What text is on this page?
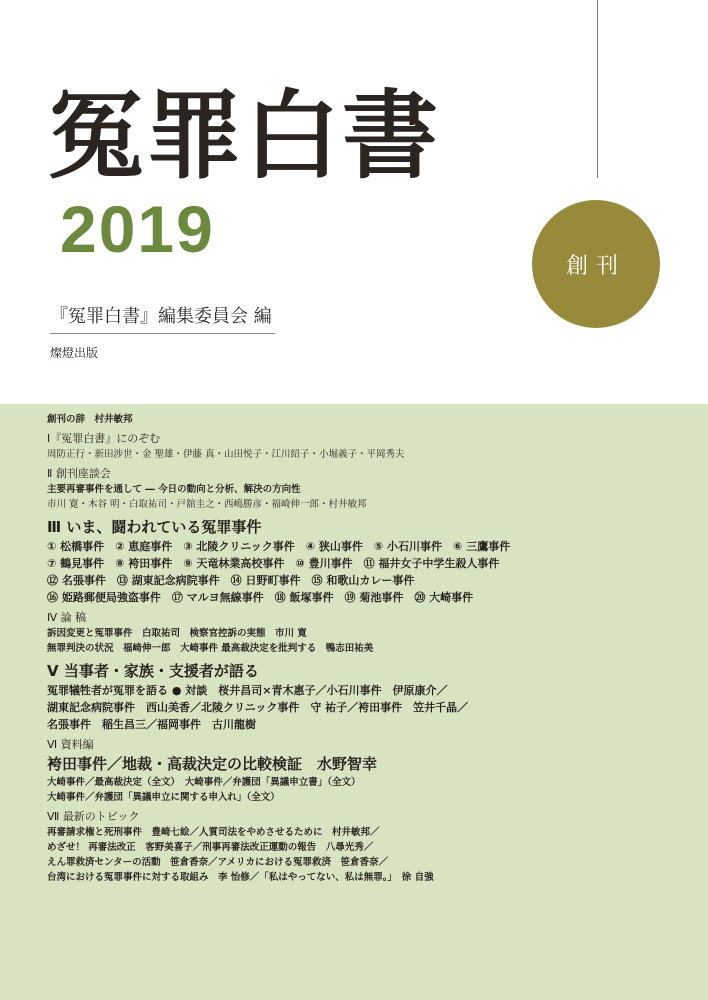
冤罪白書
2019	創刊
『冤罪白書』編集委員会 編
燦燈出版
創刊の辞　村井敏邦
Ⅰ『冤罪白書』にのぞむ
周防正行・新田涉世・金 聖雄・伊藤 真・山田悦子・江川紹子・小堀義子・平岡秀夫
Ⅱ 創刊座談会
主要再審事件を通して ― 今日の動向と分析、解決の方向性
市川 寛・木谷 明・白取祐司・戸舘圭之・西嶋勝彦・福崎伸一郎・村井敏邦
Ⅲ いま、闘われている冤罪事件
① 松橋事件　② 恵庭事件　③ 北陵クリニック事件　④ 狭山事件　⑤ 小石川事件　⑥ 三鷹事件
⑦ 鶴見事件　⑧ 袴田事件　⑨ 天竜林業高校事件　⑩ 豊川事件　⑪ 福井女子中学生殺人事件
⑫ 名張事件　⑬ 湖東記念病院事件　⑭ 日野町事件　⑮ 和歌山カレー事件
⑯ 姫路郵便局強盗事件　⑰ マルヨ無線事件　⑱ 飯塚事件　⑲ 菊池事件　⑳ 大崎事件
Ⅳ 論 稿
訴因変更と冤罪事件　白取祐司　検察官控訴の実態　市川 寛
無罪判決の状況　福崎伸一郎　大崎事件 最高裁決定を批判する　鴨志田祐美
Ⅴ 当事者・家族・支援者が語る
冤罪犠牲者が冤罪を語る ● 対談　桜井昌司×青木惠子／小石川事件　伊原康介／
湖東記念病院事件　西山美香／北陵クリニック事件　守 祐子／袴田事件　笠井千晶／
名張事件　稲生昌三／福岡事件　古川龍樹
Ⅵ 資料編
袴田事件／地裁・高裁決定の比較検証　水野智幸
大崎事件／最高裁決定（全文）　大崎事件／弁護団「異議申立書」（全文）
大崎事件／弁護団「異議申立に関する申入れ」（全文）
Ⅶ 最新のトピック
再審請求権と死刑事件　豊崎七絵／人質司法をやめさせるために　村井敏邦／
めざせ！ 再審法改正　客野美喜子／刑事再審法改正運動の報告　八尋光秀／
えん罪救済センターの活動　笹倉香奈／アメリカにおける冤罪救済　笹倉香奈／
台湾における冤罪事件に対する取組み　李 怡修／「私はやってない、私は無罪。」　徐 自強
